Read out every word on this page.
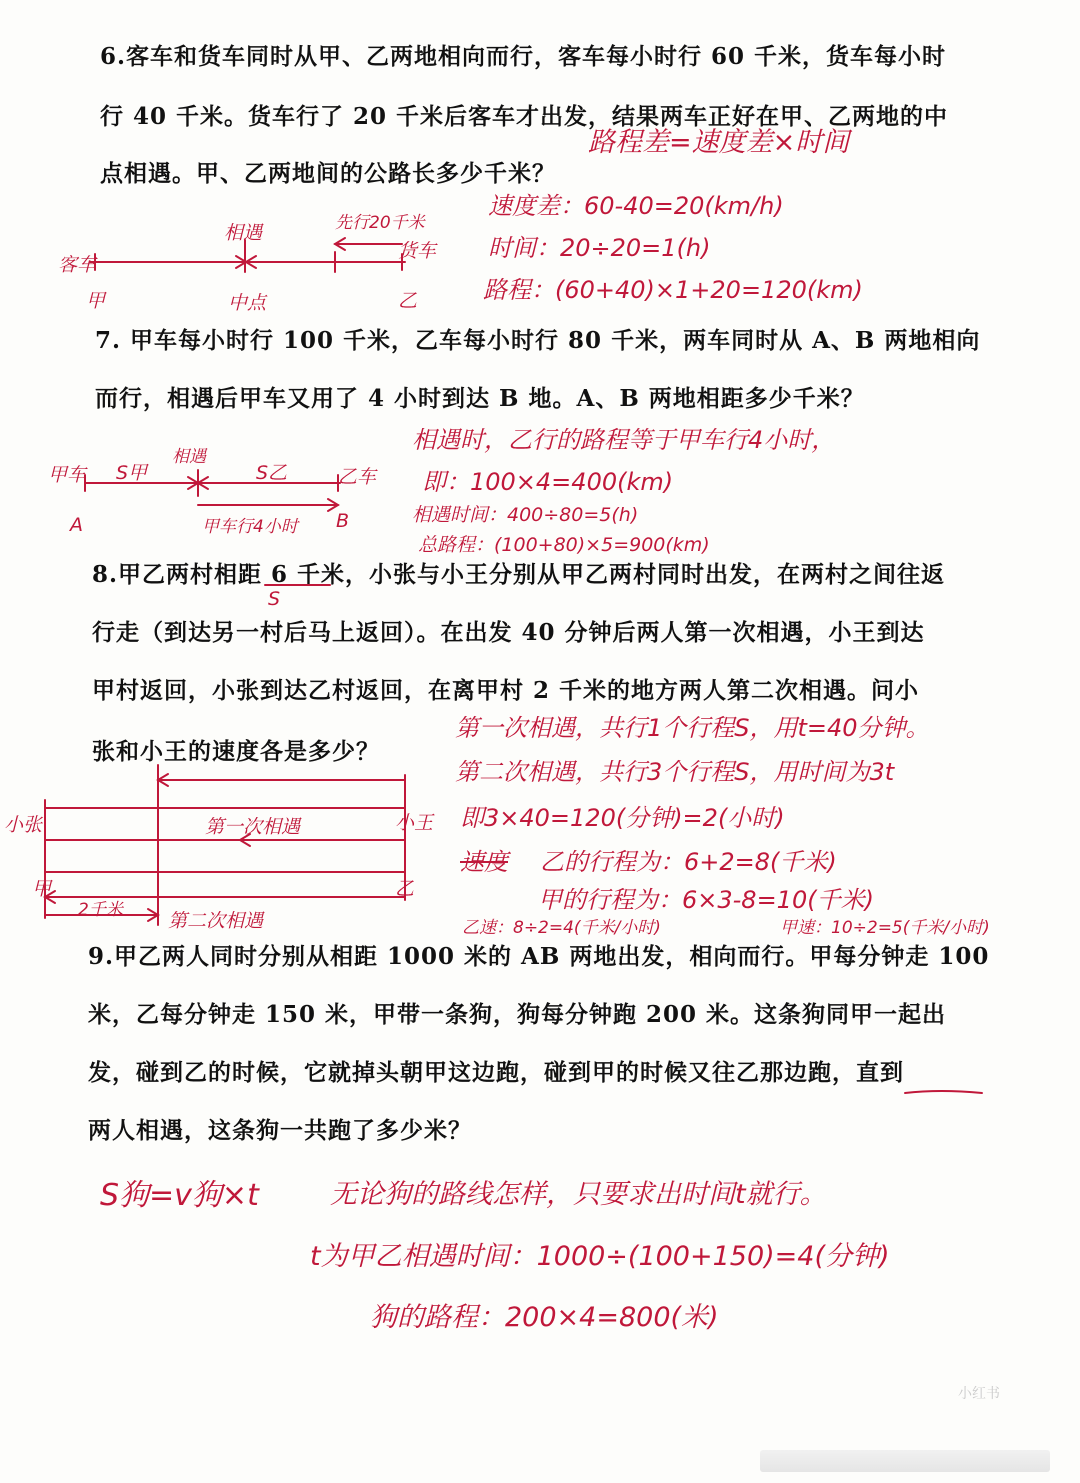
6.客车和货车同时从甲、乙两地相向而行，客车每小时行 60 千米，货车每小时
行 40 千米。货车行了 20 千米后客车才出发，结果两车正好在甲、乙两地的中
点相遇。甲、乙两地间的公路长多少千米？
7. 甲车每小时行 100 千米，乙车每小时行 80 千米，两车同时从 A、B 两地相向
而行，相遇后甲车又用了 4 小时到达 B 地。A、B 两地相距多少千米？
8.甲乙两村相距 6 千米，小张与小王分别从甲乙两村同时出发，在两村之间往返
行走（到达另一村后马上返回）。在出发 40 分钟后两人第一次相遇，小王到达
甲村返回，小张到达乙村返回，在离甲村 2 千米的地方两人第二次相遇。问小
张和小王的速度各是多少？
9.甲乙两人同时分别从相距 1000 米的 AB 两地出发，相向而行。甲每分钟走 100
米，乙每分钟走 150 米，甲带一条狗，狗每分钟跑 200 米。这条狗同甲一起出
发，碰到乙的时候，它就掉头朝甲这边跑，碰到甲的时候又往乙那边跑，直到
两人相遇，这条狗一共跑了多少米？
路程差=速度差×时间
速度差：60-40=20(km/h)
时间：20÷20=1(h)
路程：(60+40)×1+20=120(km)
客车
相遇	先行20千米
货车
甲	中点	乙
相遇时，乙行的路程等于甲车行4小时，
即：100×4=400(km)
相遇时间：400÷80=5(h)
总路程：(100+80)×5=900(km)
甲车 S甲
相遇
S乙	乙车
A	B
甲车行4小时
S
第一次相遇，共行1个行程S，用t=40分钟。
第二次相遇，共行3个行程S，用时间为3t
即3×40=120(分钟)=2(小时)
速度 乙的行程为：6+2=8(千米)
甲的行程为：6×3-8=10(千米)
乙速：8÷2=4(千米/小时)	甲速：10÷2=5(千米/小时)
小张	小王
第一次相遇
甲	乙
2千米 第二次相遇
S狗=v狗×t	无论狗的路线怎样，只要求出时间t就行。
t为甲乙相遇时间：1000÷(100+150)=4(分钟)
狗的路程：200×4=800(米)
小红书
